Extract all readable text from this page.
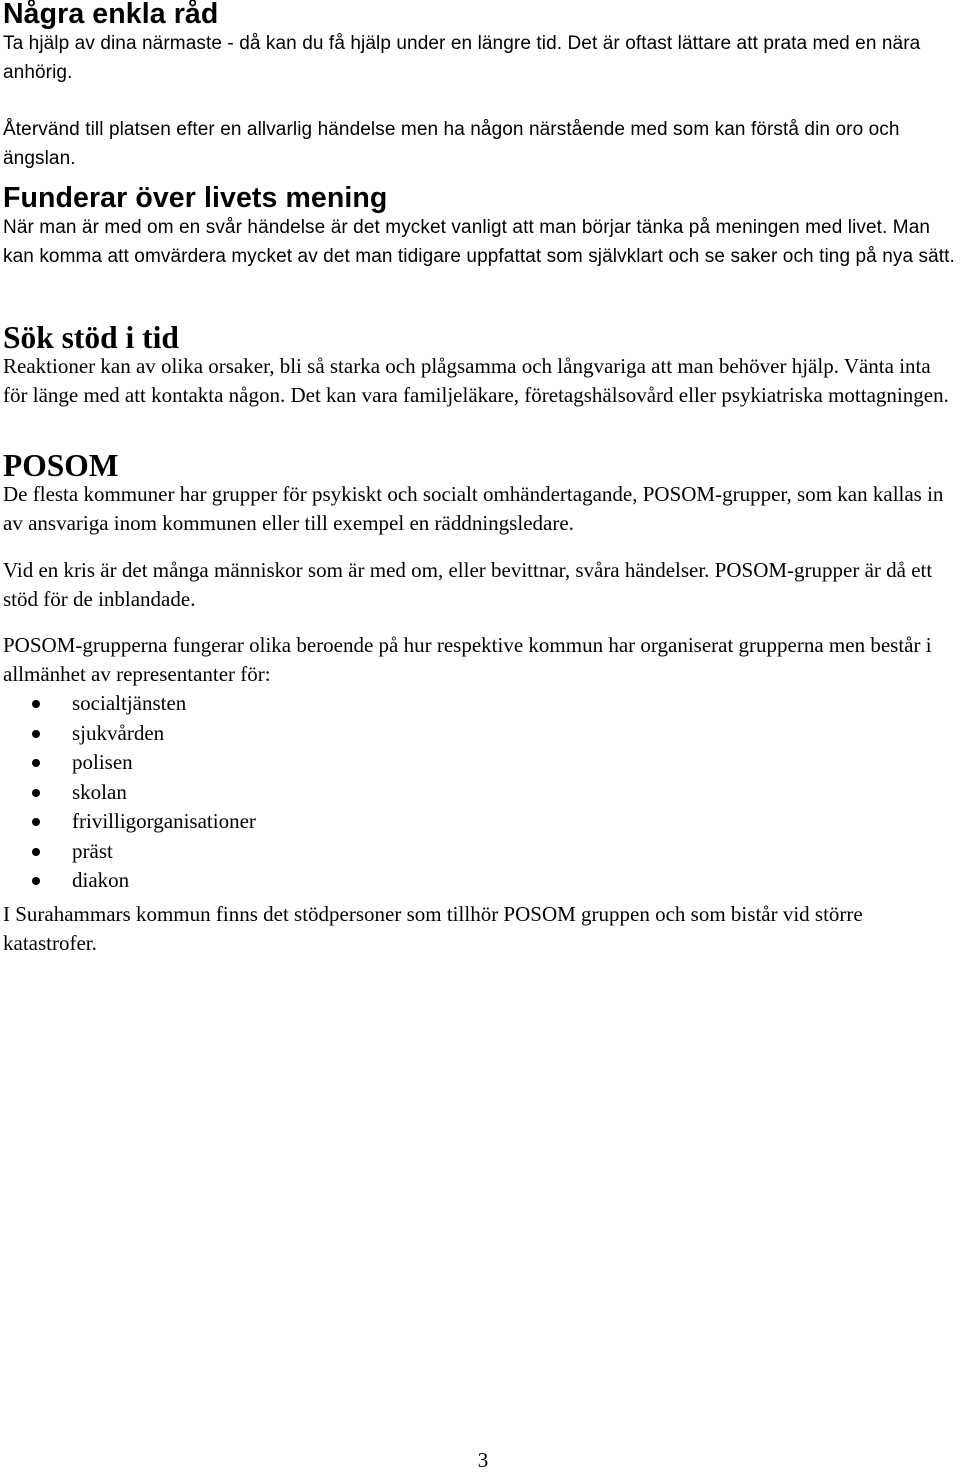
Några enkla råd

Ta hjälp av dina närmaste - då kan du få hjälp under en längre tid. Det är oftast lättare att prata med en nära anhörig.

Återvänd till platsen efter en allvarlig händelse men ha någon närstående med som kan förstå din oro och ängslan.

Funderar över livets mening

När man är med om en svår händelse är det mycket vanligt att man börjar tänka på meningen med livet. Man kan komma att omvärdera mycket av det man tidigare uppfattat som självklart och se saker och ting på nya sätt.

Sök stöd i tid

Reaktioner kan av olika orsaker, bli så starka och plågsamma och långvariga att man behöver hjälp. Vänta inta för länge med att kontakta någon. Det kan vara familjeläkare, företagshälsovård eller psykiatriska mottagningen.

POSOM

De flesta kommuner har grupper för psykiskt och socialt omhändertagande, POSOM-grupper, som kan kallas in av ansvariga inom kommunen eller till exempel en räddningsledare.

Vid en kris är det många människor som är med om, eller bevittnar, svåra händelser. POSOM-grupper är då ett stöd för de inblandade.

POSOM-grupperna fungerar olika beroende på hur respektive kommun har organiserat grupperna men består i allmänhet av representanter för:

socialtjänsten
sjukvården
polisen
skolan
frivilligorganisationer
präst
diakon

I Surahammars kommun finns det stödpersoner som tillhör POSOM gruppen och som bistår vid större katastrofer.

3
